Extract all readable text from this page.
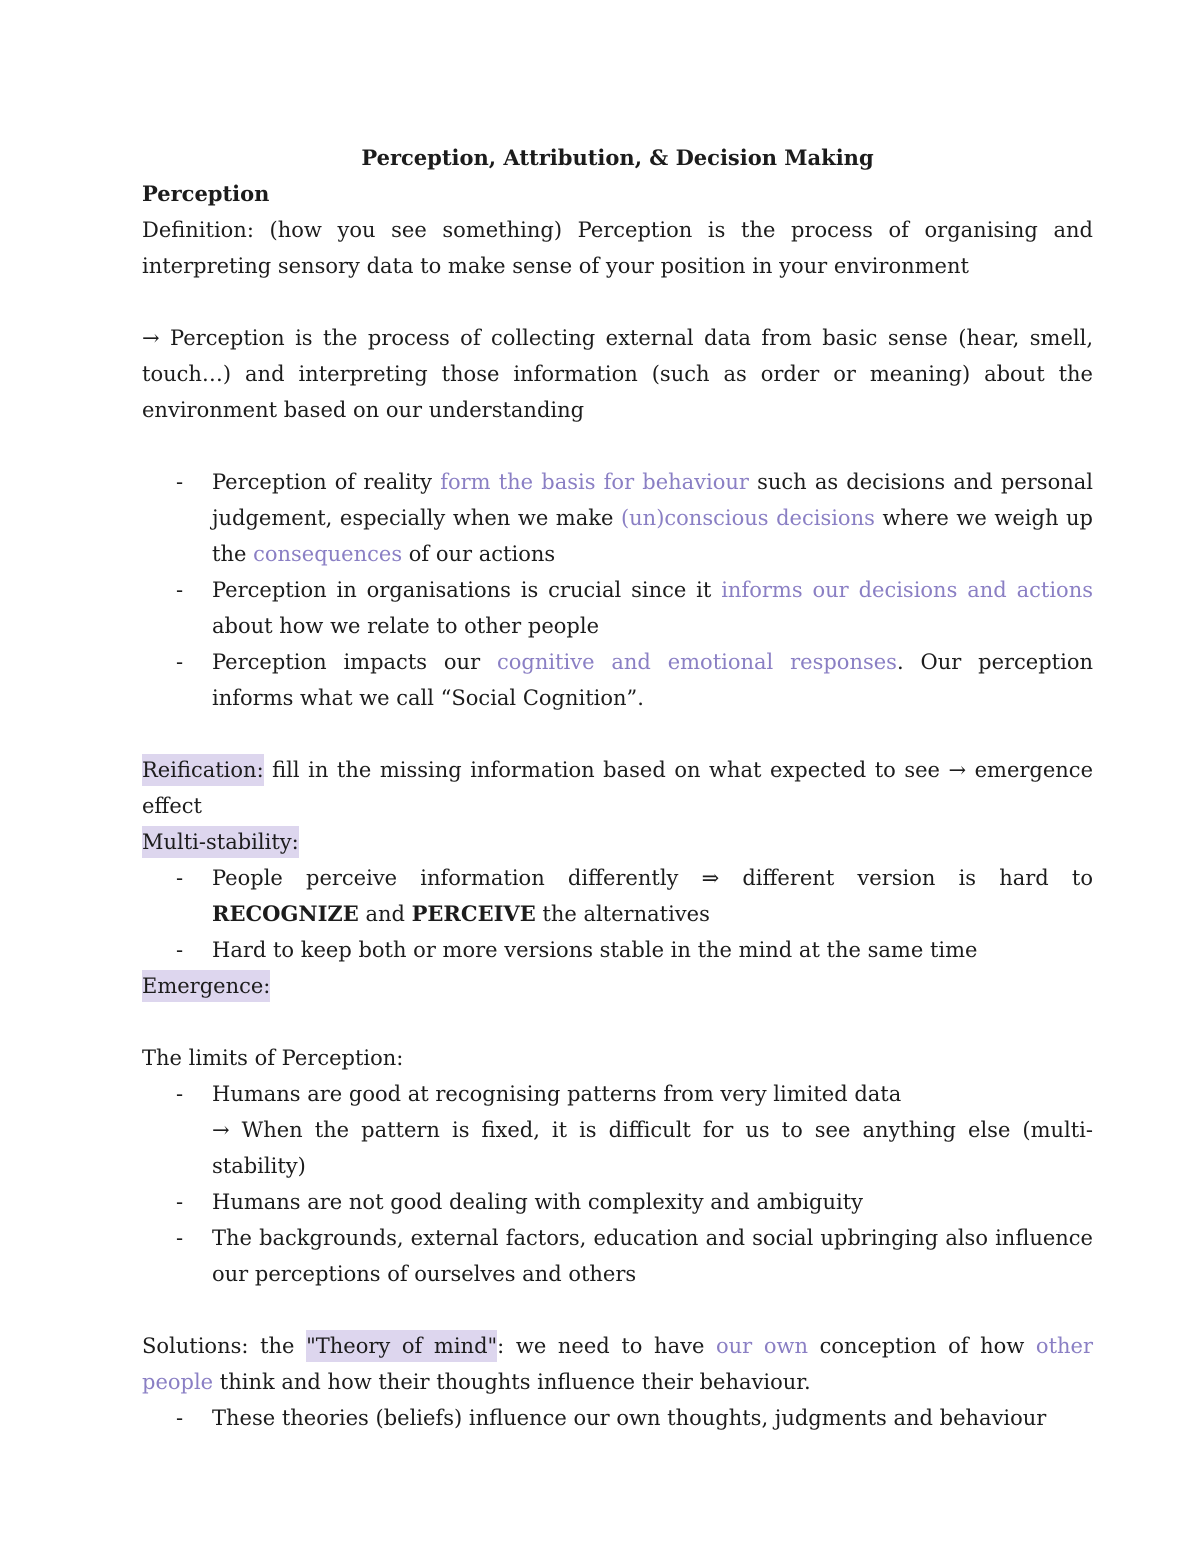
Perception, Attribution, & Decision Making

Perception

Definition: (how you see something) Perception is the process of organising and interpreting sensory data to make sense of your position in your environment

→ Perception is the process of collecting external data from basic sense (hear, smell, touch…) and interpreting those information (such as order or meaning) about the environment based on our understanding

- Perception of reality form the basis for behaviour such as decisions and personal judgement, especially when we make (un)conscious decisions where we weigh up the consequences of our actions
- Perception in organisations is crucial since it informs our decisions and actions about how we relate to other people
- Perception impacts our cognitive and emotional responses. Our perception informs what we call “Social Cognition”.

Reification: fill in the missing information based on what expected to see → emergence effect

Multi-stability:

- People perceive information differently ⇒ different version is hard to RECOGNIZE and PERCEIVE the alternatives
- Hard to keep both or more versions stable in the mind at the same time

Emergence:

The limits of Perception:

- Humans are good at recognising patterns from very limited data
→ When the pattern is fixed, it is difficult for us to see anything else (multi-stability)
- Humans are not good dealing with complexity and ambiguity
- The backgrounds, external factors, education and social upbringing also influence our perceptions of ourselves and others

Solutions: the "Theory of mind": we need to have our own conception of how other people think and how their thoughts influence their behaviour.

- These theories (beliefs) influence our own thoughts, judgments and behaviour
